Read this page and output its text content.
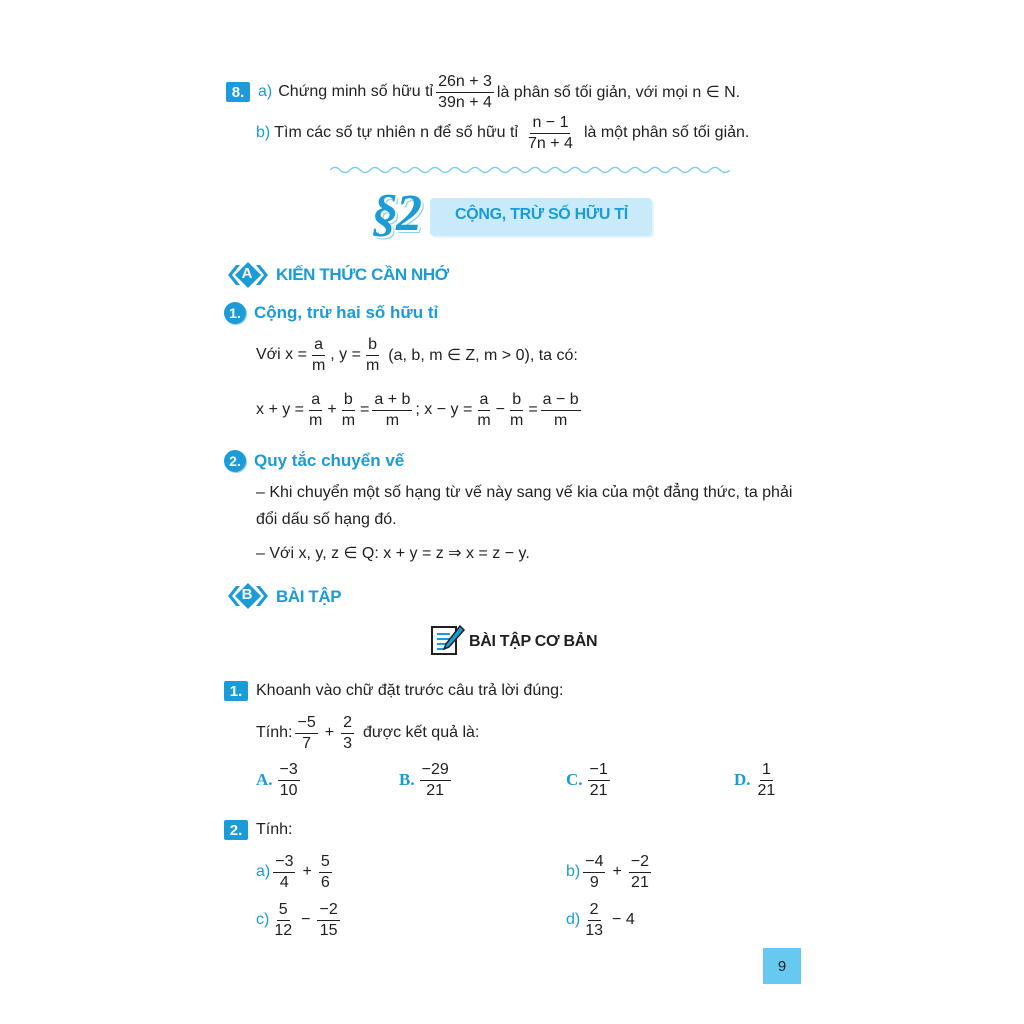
8. a) Chứng minh số hữu tỉ $\frac{26n + 3}{39n + 4}$ là phân số tối giản, với mọi n ∈ N.
b) Tìm các số tự nhiên n để số hữu tỉ $\frac{n - 1}{7n + 4}$ là một phân số tối giản.
§2 CỘNG, TRỪ SỐ HỮU TỈ
A KIẾN THỨC CẦN NHỚ
1. Cộng, trừ hai số hữu tỉ
Với $x = \frac{a}{m}$ , $y = \frac{b}{m} (a$, b, m ∈ Z, m > 0), ta có:
$x + y = \frac{a}{m} + \frac{b}{m} = \frac{a + b}{m}$ ; $x - y = \frac{a}{m} - \frac{b}{m} = \frac{a - b}{m}$
2. Quy tắc chuyển vế
– Khi chuyển một số hạng từ vế này sang vế kia của một đẳng thức, ta phải
đổi dấu số hạng đó.
– Với x, y, z ∈ Q: x + y = z ⇒ x = z − y.
B BÀI TẬP
BÀI TẬP CƠ BẢN
1. Khoanh vào chữ đặt trước câu trả lời đúng:
Tính: $\frac{-5}{7} + \frac{2}{3}$ được kết quả là:
A. $\frac{-3}{10}$	B. $\frac{-29}{21}$	C. $\frac{-1}{21}$	D. $\frac{1}{21}$
2. Tính:
$a) \frac{-3}{4} + \frac{5}{6}$	$b) \frac{-4}{9} + \frac{-2}{21}$
$c) \frac{5}{12} - \frac{-2}{15}$	$d) \frac{2}{13} - 4$
9
